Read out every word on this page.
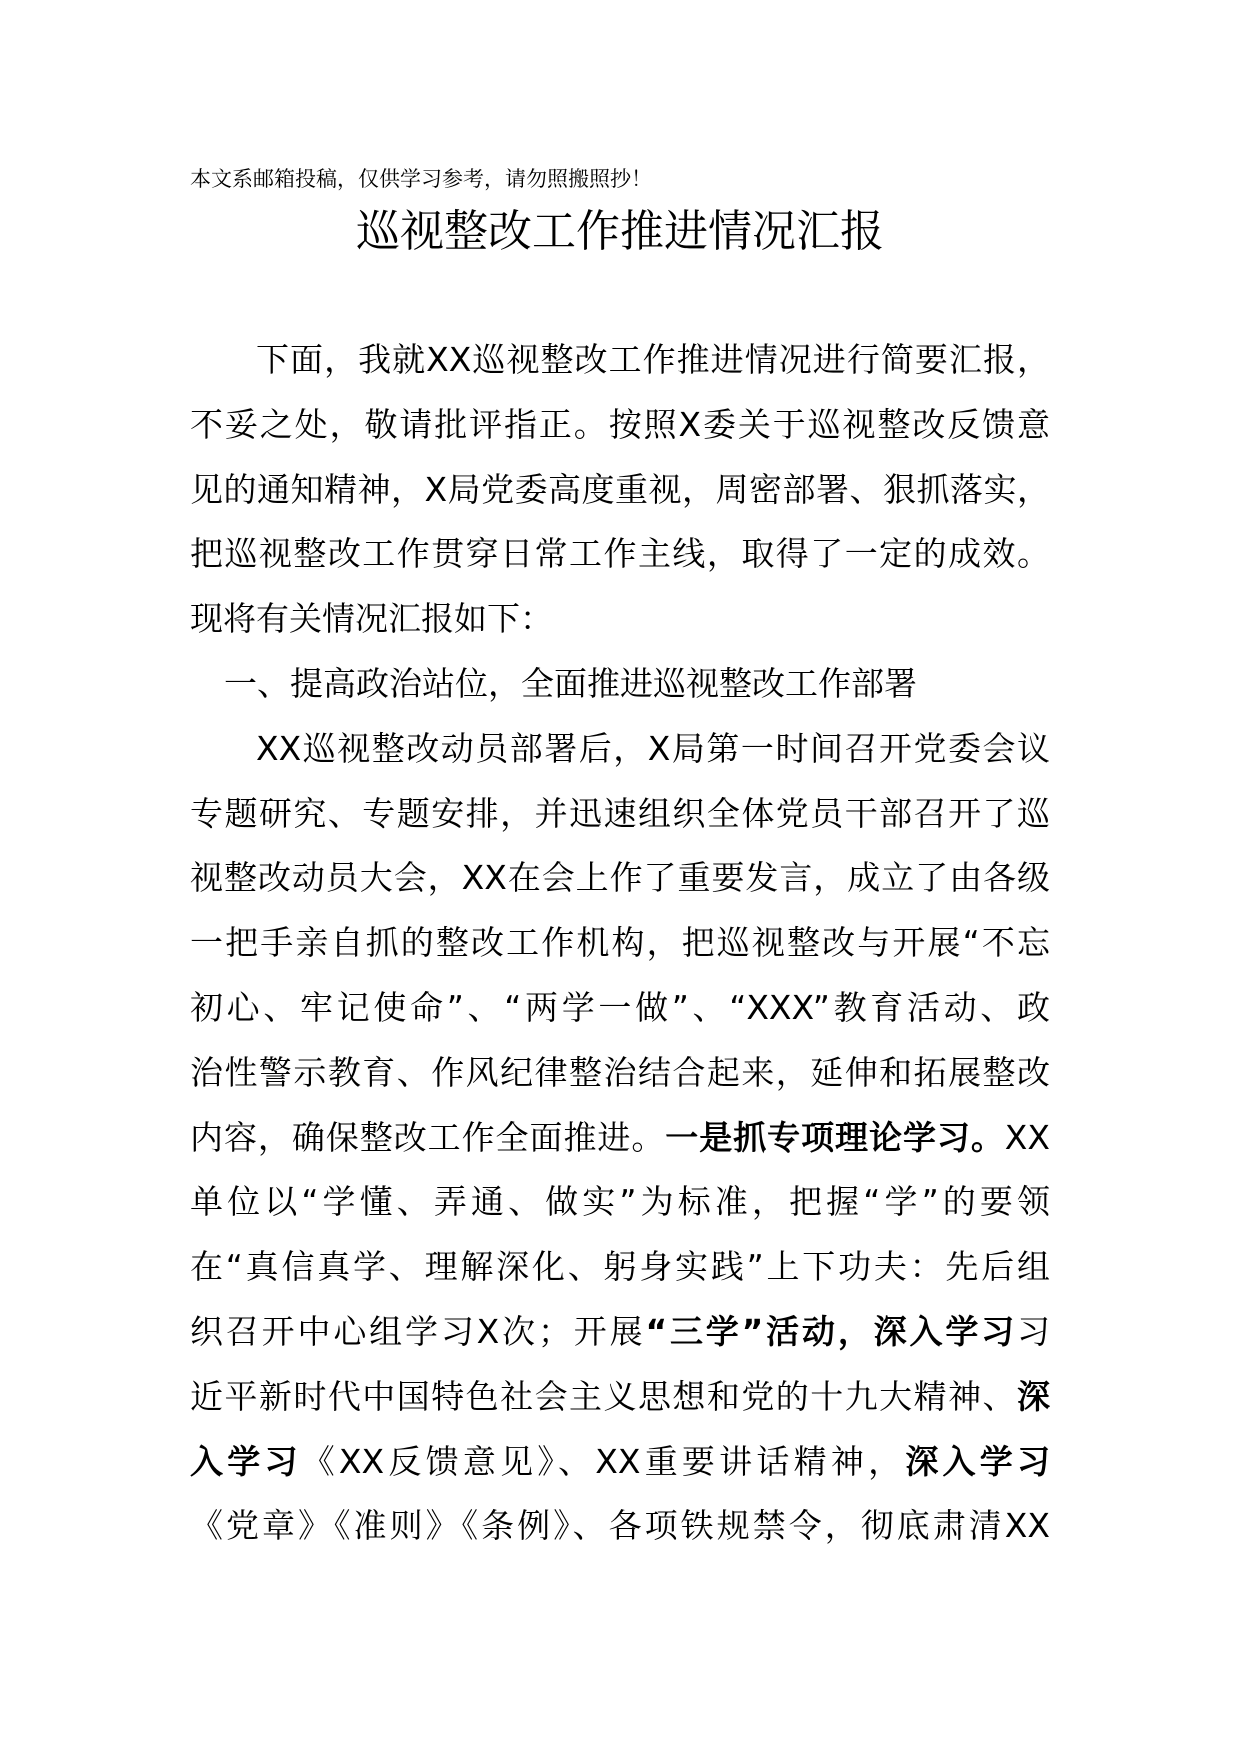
本文系邮箱投稿，仅供学习参考，请勿照搬照抄！
巡视整改工作推进情况汇报
下面，我就XX巡视整改工作推进情况进行简要汇报，
不妥之处，敬请批评指正。按照X委关于巡视整改反馈意
见的通知精神，X局党委高度重视，周密部署、狠抓落实，
把巡视整改工作贯穿日常工作主线，取得了一定的成效。
现将有关情况汇报如下：
一、提高政治站位，全面推进巡视整改工作部署
XX巡视整改动员部署后，X局第一时间召开党委会议
专题研究、专题安排，并迅速组织全体党员干部召开了巡
视整改动员大会，XX在会上作了重要发言，成立了由各级
一把手亲自抓的整改工作机构，把巡视整改与开展“不忘
初心、牢记使命”、“两学一做”、“XXX”教育活动、政
治性警示教育、作风纪律整治结合起来，延伸和拓展整改
内容，确保整改工作全面推进。一是抓专项理论学习。XX
单位以“学懂、弄通、做实”为标准，把握“学”的要领
在“真信真学、理解深化、躬身实践”上下功夫：先后组
织召开中心组学习X次；开展“三学”活动，深入学习习
近平新时代中国特色社会主义思想和党的十九大精神、深
入学习《XX反馈意见》、XX重要讲话精神，深入学习
《党章》《准则》《条例》、各项铁规禁令，彻底肃清XX
